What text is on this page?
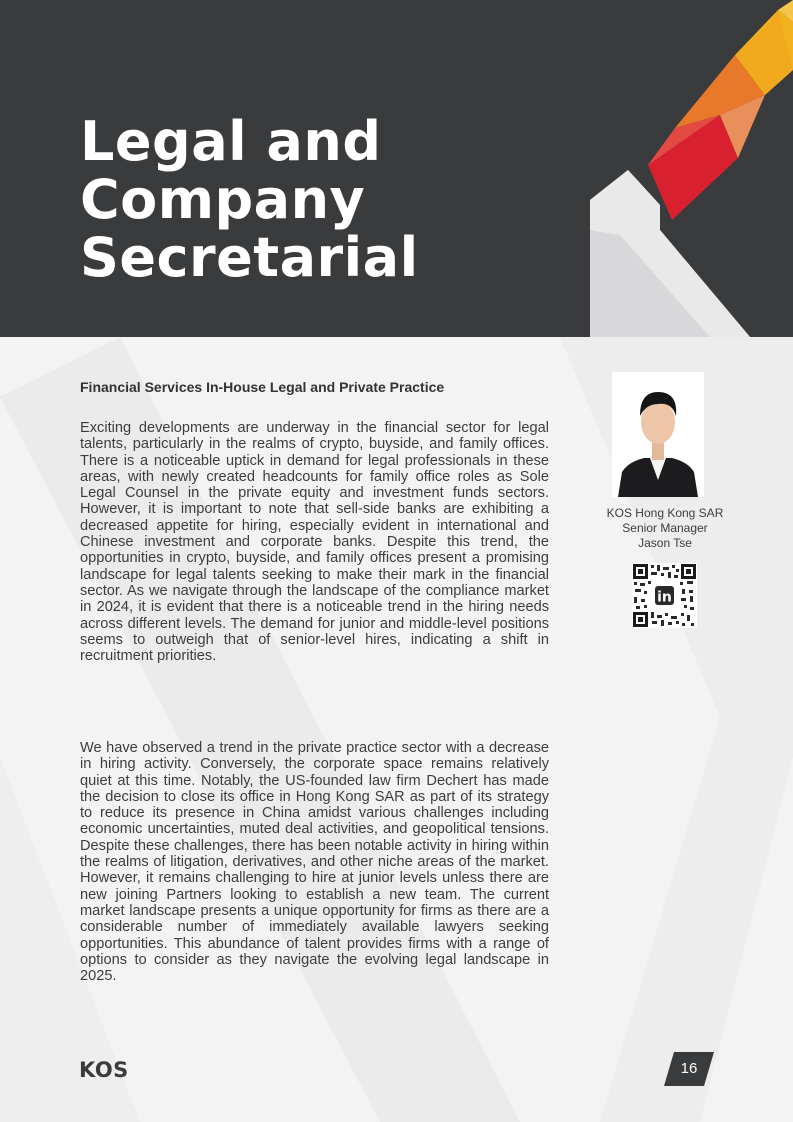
Legal and
Company
Secretarial
Financial Services In-House Legal and Private Practice

Exciting developments are underway in the financial sector for legal talents, particularly in the realms of crypto, buyside, and family offices. There is a noticeable uptick in demand for legal professionals in these areas, with newly created headcounts for family office roles as Sole Legal Counsel in the private equity and investment funds sectors. However, it is important to note that sell-side banks are exhibiting a decreased appetite for hiring, especially evident in international and Chinese investment and corporate banks. Despite this trend, the opportunities in crypto, buyside, and family offices present a promising landscape for legal talents seeking to make their mark in the financial sector. As we navigate through the landscape of the compliance market in 2024, it is evident that there is a noticeable trend in the hiring needs across different levels. The demand for junior and middle-level positions seems to outweigh that of senior-level hires, indicating a shift in recruitment priorities.

We have observed a trend in the private practice sector with a decrease in hiring activity. Conversely, the corporate space remains relatively quiet at this time. Notably, the US-founded law firm Dechert has made the decision to close its office in Hong Kong SAR as part of its strategy to reduce its presence in China amidst various challenges including economic uncertainties, muted deal activities, and geopolitical tensions. Despite these challenges, there has been notable activity in hiring within the realms of litigation, derivatives, and other niche areas of the market. However, it remains challenging to hire at junior levels unless there are new joining Partners looking to establish a new team. The current market landscape presents a unique opportunity for firms as there are a considerable number of immediately available lawyers seeking opportunities. This abundance of talent provides firms with a range of options to consider as they navigate the evolving legal landscape in 2025.

KOS Hong Kong SAR
Senior Manager
Jason Tse
in
KOS	16
